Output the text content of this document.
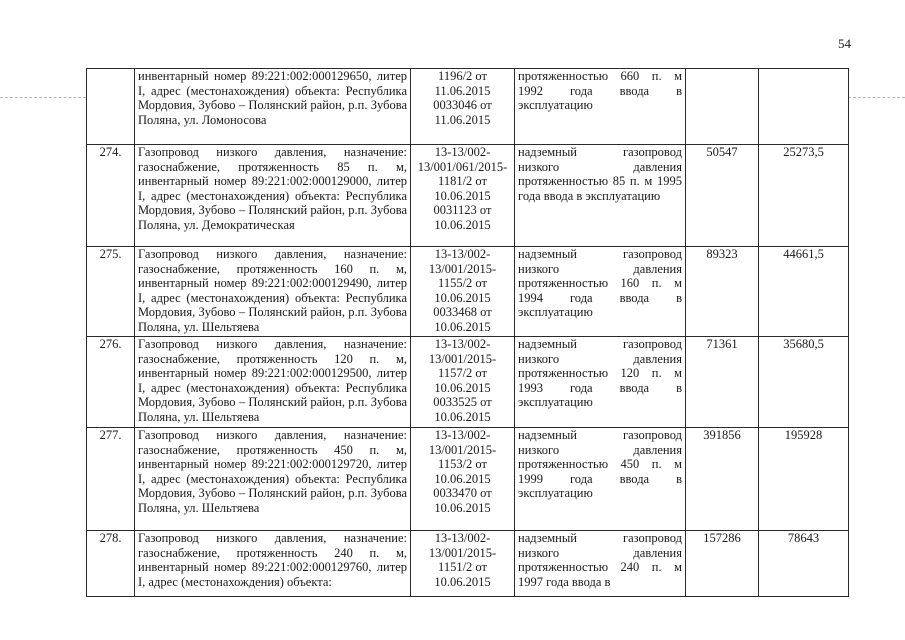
54
	инвентарный номер 89:221:002:000129650, литер I, адрес (местонахождения) объекта: Республика Мордовия, Зубово – Полянский район, р.п. Зубова Поляна, ул. Ломоносова	1196/2 от 11.06.2015 0033046 от 11.06.2015	протяженностью 660 п. м 1992 года ввода в эксплуатацию		
274.	Газопровод низкого давления, назначение: газоснабжение, протяженность 85 п. м, инвентарный номер 89:221:002:000129000, литер I, адрес (местонахождения) объекта: Республика Мордовия, Зубово – Полянский район, р.п. Зубова Поляна, ул. Демократическая	13-13/002-13/001/061/2015-1181/2 от 10.06.2015 0031123 от 10.06.2015	надземный газопровод низкого давления протяженностью 85 п. м 1995 года ввода в эксплуатацию	50547	25273,5
275.	Газопровод низкого давления, назначение: газоснабжение, протяженность 160 п. м, инвентарный номер 89:221:002:000129490, литер I, адрес (местонахождения) объекта: Республика Мордовия, Зубово – Полянский район, р.п. Зубова Поляна, ул. Шельтяева	13-13/002-13/001/2015-1155/2 от 10.06.2015 0033468 от 10.06.2015	надземный газопровод низкого давления протяженностью 160 п. м 1994 года ввода в эксплуатацию	89323	44661,5
276.	Газопровод низкого давления, назначение: газоснабжение, протяженность 120 п. м, инвентарный номер 89:221:002:000129500, литер I, адрес (местонахождения) объекта: Республика Мордовия, Зубово – Полянский район, р.п. Зубова Поляна, ул. Шельтяева	13-13/002-13/001/2015-1157/2 от 10.06.2015 0033525 от 10.06.2015	надземный газопровод низкого давления протяженностью 120 п. м 1993 года ввода в эксплуатацию	71361	35680,5
277.	Газопровод низкого давления, назначение: газоснабжение, протяженность 450 п. м, инвентарный номер 89:221:002:000129720, литер I, адрес (местонахождения) объекта: Республика Мордовия, Зубово – Полянский район, р.п. Зубова Поляна, ул. Шельтяева	13-13/002-13/001/2015-1153/2 от 10.06.2015 0033470 от 10.06.2015	надземный газопровод низкого давления протяженностью 450 п. м 1999 года ввода в эксплуатацию	391856	195928
278.	Газопровод низкого давления, назначение: газоснабжение, протяженность 240 п. м, инвентарный номер 89:221:002:000129760, литер I, адрес (местонахождения) объекта:	13-13/002-13/001/2015-1151/2 от 10.06.2015	надземный газопровод низкого давления протяженностью 240 п. м 1997 года ввода в	157286	78643
